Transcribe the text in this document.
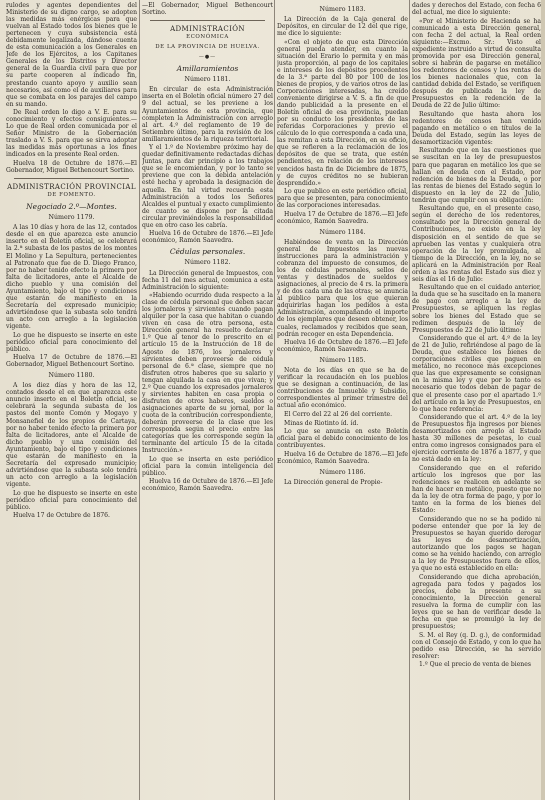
rulodes y agentes dependientes del Ministerio de su digno cargo, se adopten las medidas más enérgicas para que vuelvan al Estado todos los bienes que le pertenecen y cuya subsistencia está debidamente legalizada, dándose cuenta de esta comunicación a los Generales en Jefe de los Ejércitos, a los Capitanes Generales de los Distritos y Director general de la Guardia civil para que por su parte cooperen al indicado fin, prestando cuanto apoyo y auxilio sean necesarios, así como el de auxiliares para que se combata en los parajes del campo en su mando.

De Real orden lo digo a V. E. para su conocimiento y efectos consiguientes.—Lo que de Real orden comunicada por el Señor Ministro de la Gobernación traslado a V. S. para que se sirva adoptar las medidas más oportunas a los fines indicados en la presente Real orden.

Huelva 18 de Octubre de 1876.—El Gobernador, Miguel Bethencourt Sortino.

ADMINISTRACIÓN PROVINCIAL
DE FOMENTO.
Negociado 2.º—Montes.
Número 1179.

A las 10 días y hora de las 12, contados desde el en que aparezca este anuncio inserto en el Boletín oficial, se celebrará la 2.ª subasta de los pastos de los montes El Molino y La Sepultura, pertenecientes al Patronato que fue de D. Diego Franco, por no haber tenido efecto la primera por falta de licitadores, ante el Alcalde de dicho pueblo y una comisión del Ayuntamiento, bajo el tipo y condiciones que estarán de manifiesto en la Secretaría del expresado municipio; advirtiéndose que la subasta solo tendrá un acto con arreglo a la legislación vigente.

Lo que he dispuesto se inserte en este periódico oficial para conocimiento del público.

Huelva 17 de Octubre de 1876.—El Gobernador, Miguel Bethencourt Sortino.

Número 1180.

A los diez días y hora de las 12, contados desde el en que aparezca este anuncio inserto en el Boletín oficial, se celebrará la segunda subasta de los pastos del monte Comón y Mogayo y Monsanefiel de los propios de Cartaya, por no haber tenido efecto la primera por falta de licitadores, ante el Alcalde de dicho pueblo y una comisión del Ayuntamiento, bajo el tipo y condiciones que estarán de manifiesto en la Secretaría del expresado municipio; advirtiéndose que la subasta solo tendrá un acto con arreglo a la legislación vigente.

Lo que he dispuesto se inserte en este periódico oficial para conocimiento del público.

Huelva 17 de Octubre de 1876.

—El Gobernador, Miguel Bethencourt Sortino.

ADMINISTRACIÓN
ECONÓMICA
DE LA PROVINCIA DE HUELVA.
—●—
Amillaramientos
Número 1181.

En circular de esta Administración inserta en el Boletín oficial número 27 del 9 del actual, se les previene a los Ayuntamientos de esta provincia, que completen la Administración con arreglo al art. 4.º del reglamento de 19 de Setiembre último, para la revisión de los amillaramientos de la riqueza territorial.

Y el 1.º de Noviembre próximo hay de quedar definitivamente redactadas dichas Juntas, para dar principio a los trabajos que se le encomiendan, y por lo tanto se previene que con la debida antelación esté hecha y aprobada la designación de aquella. En tal virtud recuerda esta Administración a todos los Señores Alcaldes el puntual y exacto cumplimiento de cuanto se dispone por la citada circular previniéndoles la responsabilidad que en otro caso les cabría.

Huelva 16 de Octubre de 1876.—El Jefe económico, Ramón Saavedra.

Cédulas personales.
Número 1182.

La Dirección general de Impuestos, con fecha 11 del mes actual, comunica a esta Administración lo siguiente:

«Habiendo ocurrido duda respecto a la clase de cédula personal que deben sacar los jornaleros y sirvientes cuando pagan alquiler por la casa que habitan o cuando viven en casa de otra persona, esta Dirección general ha resuelto declarar: 1.º Que al tenor de lo prescrito en el artículo 15 de la Instrucción de 18 de Agosto de 1876, los jornaleros y sirvientes deben proveerse de cédula personal de 6.ª clase, siempre que no disfruten otros haberes que su salario y tengan alquilada la casa en que vivan; y 2.º Que cuando los expresados jornaleros y sirvientes habiten en casa propia o disfruten de otros haberes, sueldos o asignaciones aparte de su jornal, por la cuota de la contribución correspondiente, deberán proveerse de la clase que les corresponda según el precio entre las categorías que les corresponde según la terminante del artículo 15 de la citada Instrucción.»

Lo que se inserta en este periódico oficial para la común inteligencia del público.

Huelva 16 de Octubre de 1876.—El Jefe económico, Ramón Saavedra.

Número 1183.

La Dirección de la Caja general de Depósitos, en circular de 12 del que rige, me dice lo siguiente:

«Con el objeto de que esta Dirección general pueda atender, en cuanto la situación del Erario lo permita y en más justa proporción, al pago de los capitales e intereses de los depósitos procedentes de la 3.ª parte del 80 por 100 de los bienes de propios, y de varios otros de las Corporaciones interesadas, ha creído conveniente dirigirse a V. S. a fin de que dando publicidad a la presente en el Boletín oficial de esa provincia, puedan por su conducto los presidentes de las referidas Corporaciones y previo el cálculo de lo que corresponda a cada una, las remitan a esta Dirección, en su oficio, que se refieren a la reclamación de los depósitos de que se trata, que estén pendientes, en relación de los intereses vencidos hasta fin de Diciembre de 1875, y de cuyos créditos no se hubieran desprendido.»

Lo que publico en este periódico oficial, para que se presenten, para conocimiento de las corporaciones interesadas.

Huelva 17 de Octubre de 1876.—El Jefe económico, Ramón Saavedra.

Número 1184.

Habiéndose de venta en la Dirección general de Impuestos las nuevas instrucciones para la administración y cobranza del impuesto de consumos, de los de cédulas personales, sellos de ventas y destinados de sueldos y asignaciones, al precio de 4 rs. la primera y de dos cada una de las otras; se anuncia al público para que los que quieran adquirirlas hagan los pedidos a esta Administración, acompañando el importe de los ejemplares que deseen obtener, los cuales, reclamados y recibidos que sean, podrán recoger en esta Dependencia.

Huelva 16 de Octubre de 1876.—El Jefe económico, Ramón Saavedra.

Número 1185.

Nota de los días en que se ha de verificar la recaudación en los pueblos que se designan a continuación, de las contribuciones de Inmueble y Subsidio, correspondientes al primer trimestre del actual año económico.

El Cerro del 22 al 26 del corriente.

Minas de Riotinto íd. íd.

Lo que se anuncia en este Boletín oficial para el debido conocimiento de los contribuyentes.

Huelva 16 de Octubre de 1876.—El Jefe Económico, Ramón Saavedra.

Número 1186.

La Dirección general de Propie-

dades y derechos del Estado, con fecha 6 del actual, me dice lo siguiente:

«Por el Ministerio de Hacienda se ha comunicado a esta Dirección general, con fecha 2 del actual, la Real orden siguiente:—Excmo. Sr.: Visto el expediente instruido a virtud de consulta promovida por esa Dirección general, sobre si habrán de pagarse en metálico los redentores de censos y los rentas de los bienes nacionales que, con la cantidad debida del Estado, se verifiquen después de publicada la ley de Presupuestos en la redención de la Deuda de 22 de Julio último:

Resultando que hasta ahora los redentores de censos han venido pagando en metálico o en títulos de la Deuda del Estado, según las leyes de desamortización vigentes:

Resultando que en las cuestiones que se suscitan en la ley de presupuestos para que pagaran en metálico los que se hallan en deuda con el Estado, por redención de bienes de la Deuda, o por las rentas de bienes del Estado según lo dispuesto en la ley de 22 de Julio, tendrán que cumplir con su obligación:

Resultando que, en el presente caso, según el derecho de los redentores, consultado por la Dirección general de Contribuciones, no existe en la ley disposición en el sentido de que se aprueben las ventas y cualquiera otra operación de la ley promulgada, al tiempo de la Dirección, en la ley, no se aplicará en la Administración por Real orden a las rentas del Estado sus diez y seis días el 16 de Julio:

Resultando que en el cuidado anterior, la duda que se ha suscitado en la manera de pago con arreglo a la ley de Presupuestos, se apliquen las reglas sobre los bienes del Estado que se redimen después de la ley de Presupuestos de 22 de Julio último:

Considerando que el art. 4.º de la ley de 21 de Julio, refiriéndose al pago de la Deuda, que establece los bienes de corporaciones civiles que paguen en metálico, no reconoce más excepciones que las que expresamente se consignan en la misma ley y que por lo tanto es necesario que todos deban de pagar de que el presente caso por el apartado 1.º del artículo en la ley de Presupuestos, en lo que hace referencia:

Considerando que el art. 4.º de la ley de Presupuestos fija ingresos por bienes desamortizados con arreglo al Estado hasta 30 millones de pesetas, lo cual entra como ingresos consignados para el ejercicio corriente de 1876 a 1877, y que no está dado en la ley:

Considerando que en el referido artículo los ingresos que por las redenciones se realicen en adelante se han de hacer en metálico, puesto que no da la ley de otra forma de pago, y por lo tanto en la forma de los bienes del Estado:

Considerando que no se ha podido ni poderse entender que por la ley de Presupuestos se hayan querido derogar las leyes de desamortización, autorizando que los pagos se hagan como se ha venido haciendo, con arreglo a la ley de Presupuestos fuera de ellos, ya que no está establecido en ella:

Considerando que dicha aprobación, agregada para todos y pagados los precios, debe la presente a su conocimiento, la Dirección general resuelva la forma de cumplir con las leyes que se han de verificar desde la fecha en que se promulgó la ley de presupuestos;

S. M. el Rey (q. D. g.), de conformidad con el Consejo de Estado, y con lo que ha pedido esa Dirección, se ha servido resolver:

1.º Que el precio de venta de bienes
